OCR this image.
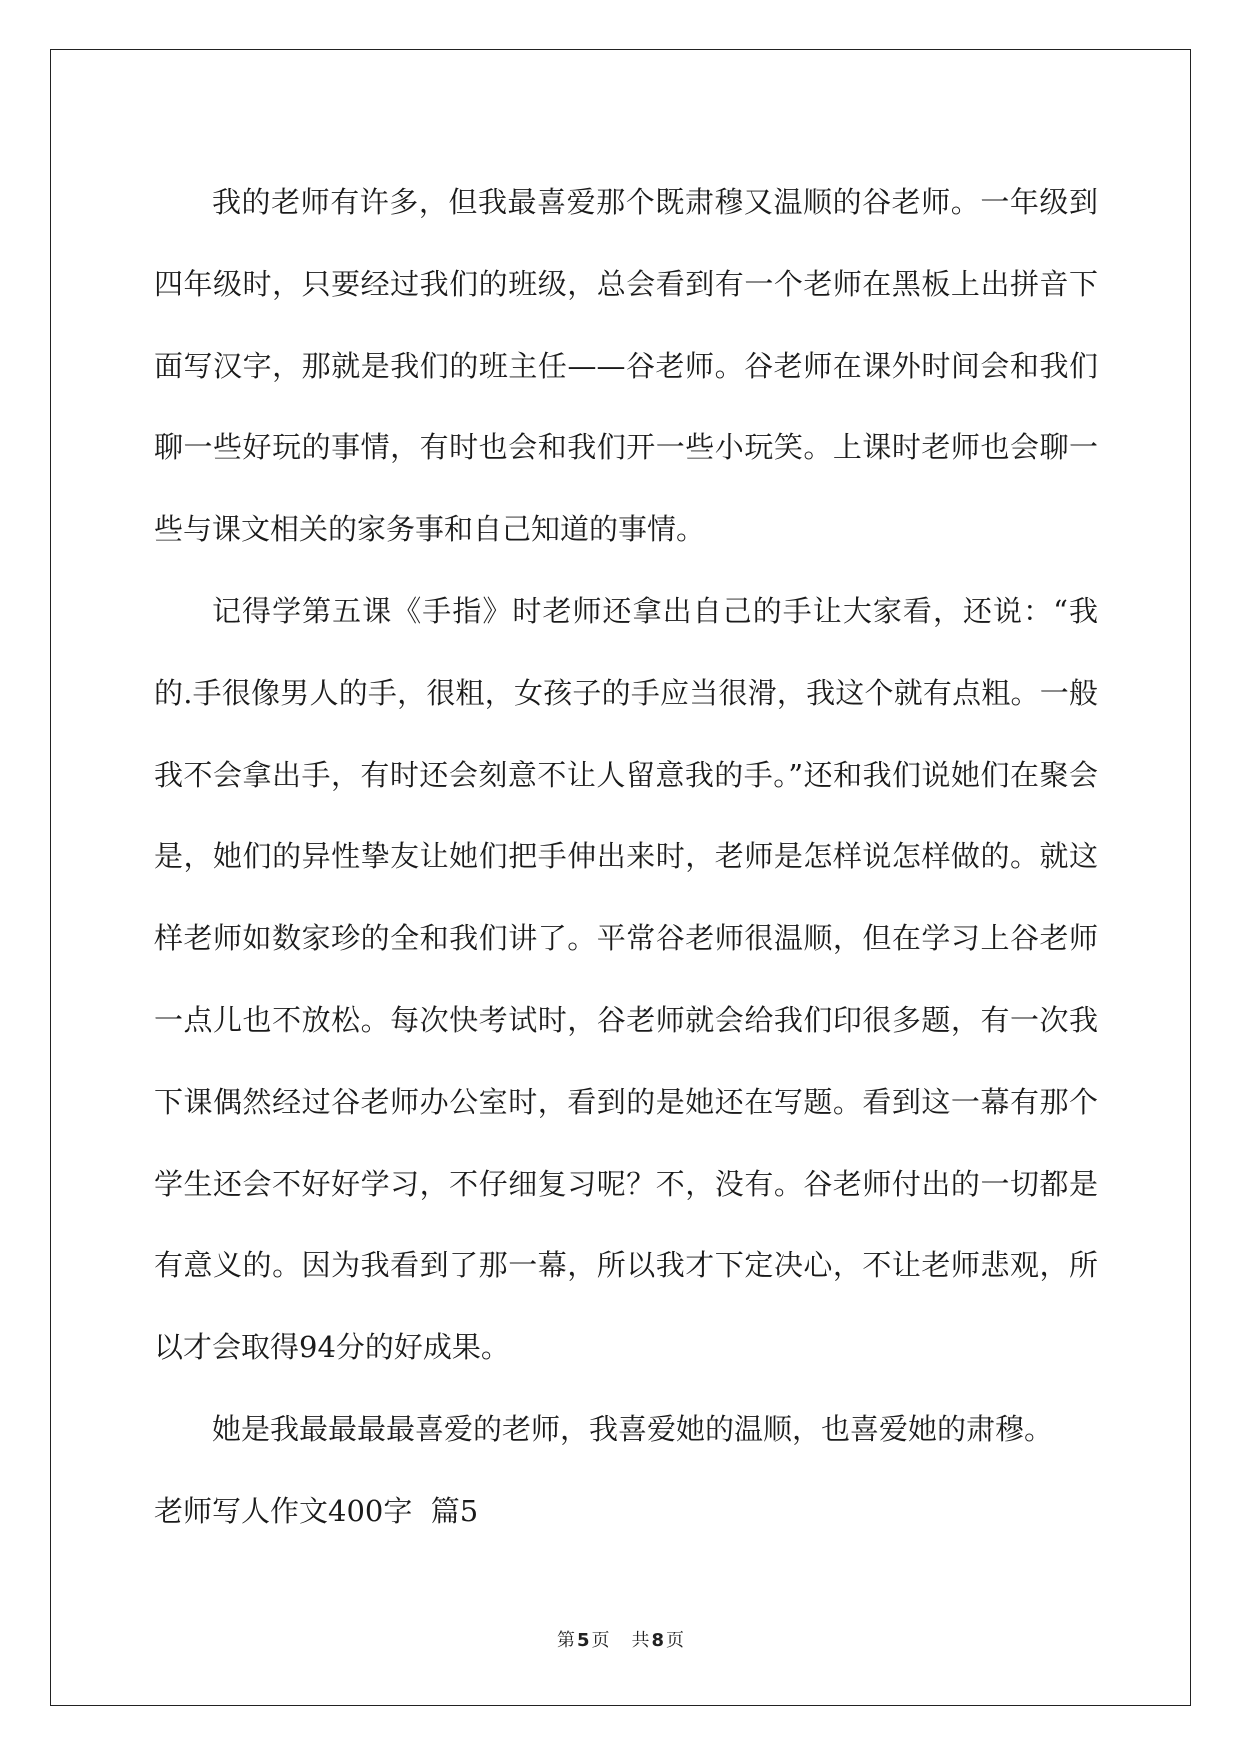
我的老师有许多，但我最喜爱那个既肃穆又温顺的谷老师。一年级到四年级时，只要经过我们的班级，总会看到有一个老师在黑板上出拼音下面写汉字，那就是我们的班主任——谷老师。谷老师在课外时间会和我们聊一些好玩的事情，有时也会和我们开一些小玩笑。上课时老师也会聊一些与课文相关的家务事和自己知道的事情。

记得学第五课《手指》时老师还拿出自己的手让大家看，还说：“我的.手很像男人的手，很粗，女孩子的手应当很滑，我这个就有点粗。一般我不会拿出手，有时还会刻意不让人留意我的手。”还和我们说她们在聚会是，她们的异性挚友让她们把手伸出来时，老师是怎样说怎样做的。就这样老师如数家珍的全和我们讲了。平常谷老师很温顺，但在学习上谷老师一点儿也不放松。每次快考试时，谷老师就会给我们印很多题，有一次我下课偶然经过谷老师办公室时，看到的是她还在写题。看到这一幕有那个学生还会不好好学习，不仔细复习呢？不，没有。谷老师付出的一切都是有意义的。因为我看到了那一幕，所以我才下定决心，不让老师悲观，所以才会取得94分的好成果。

她是我最最最最喜爱的老师，我喜爱她的温顺，也喜爱她的肃穆。

老师写人作文400字  篇5

第 5 页 共 8 页
